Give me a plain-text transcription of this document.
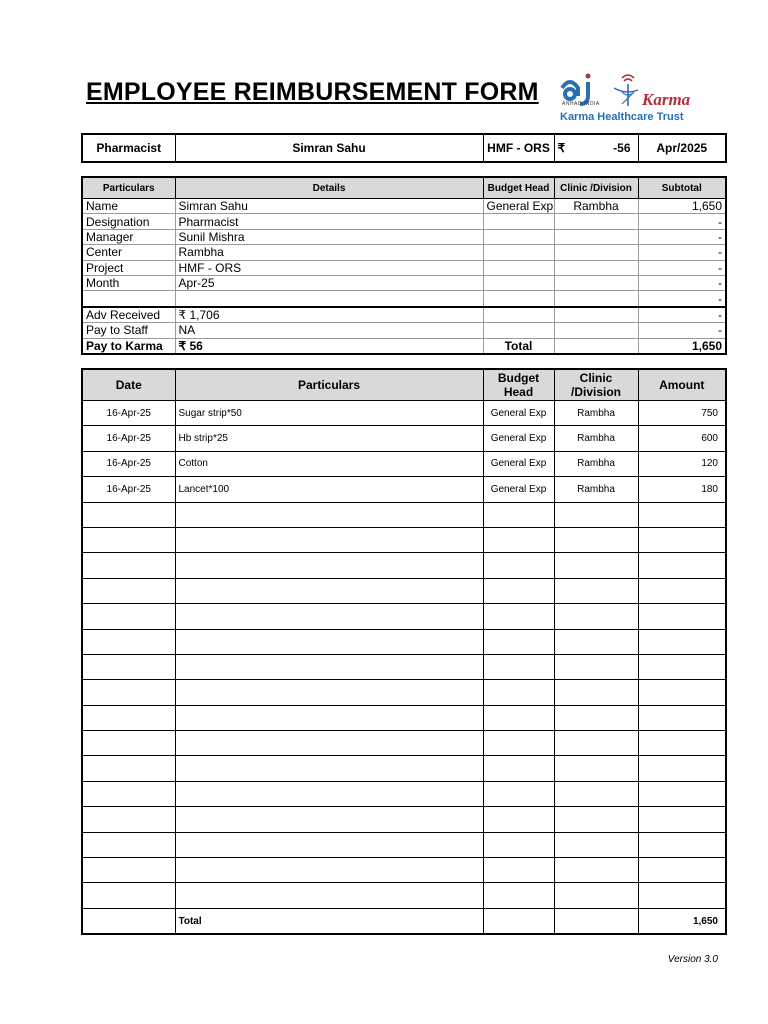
EMPLOYEE REIMBURSEMENT FORM	ANHAD INDIA Karma
Karma Healthcare Trust
Pharmacist	Simran Sahu	HMF - ORS	₹	-56	Apr/2025
Particulars	Details	Budget Head	Clinic /Division	Subtotal
Name	Simran Sahu	General Exp	Rambha	1,650
Designation	Pharmacist			-
Manager	Sunil Mishra			-
Center	Rambha			-
Project	HMF - ORS			-
Month	Apr-25			-
				-
Adv Received	₹ 1,706			-
Pay to Staff	NA			-
Pay to Karma	₹ 56	Total		1,650
Date	Particulars	Budget Head	Clinic /Division	Amount
16-Apr-25	Sugar strip*50	General Exp	Rambha	750
16-Apr-25	Hb strip*25	General Exp	Rambha	600
16-Apr-25	Cotton	General Exp	Rambha	120
16-Apr-25	Lancet*100	General Exp	Rambha	180

	Total			1,650
Version 3.0
